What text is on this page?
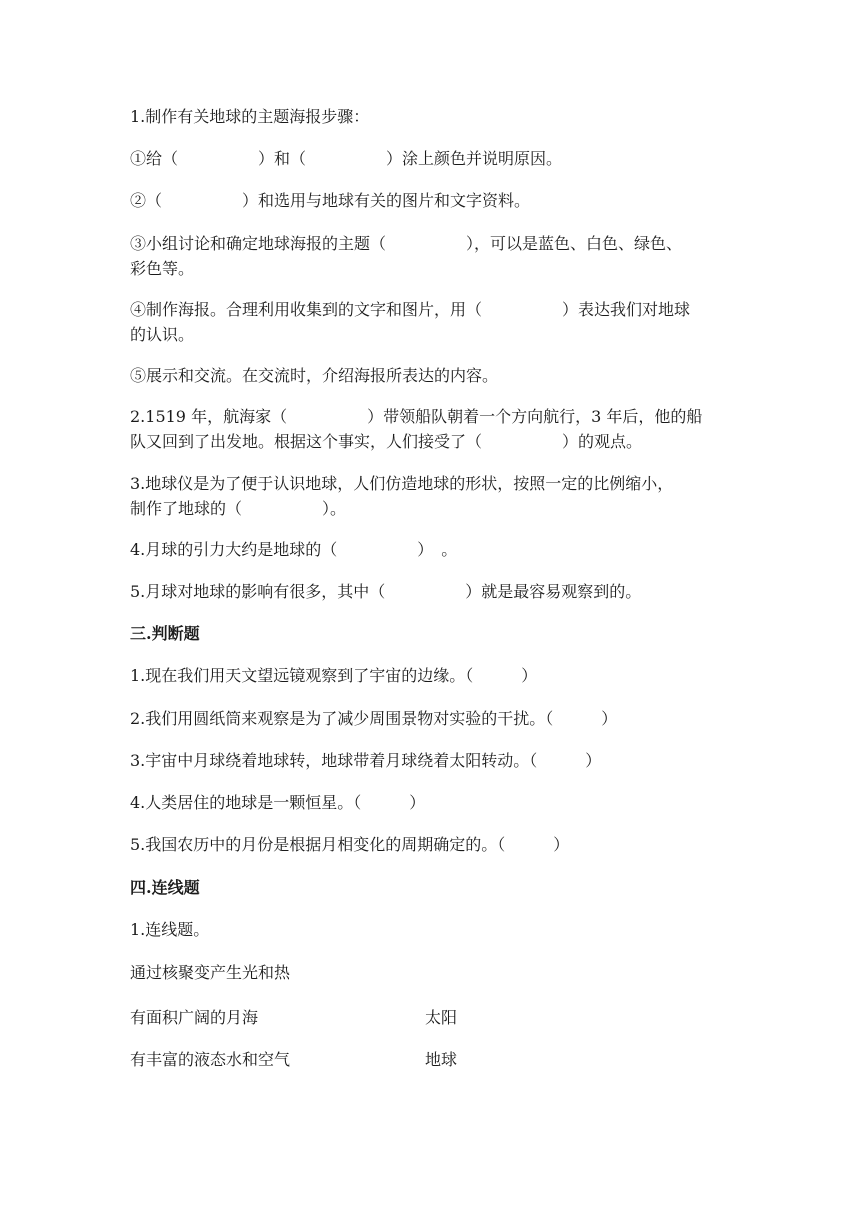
1.制作有关地球的主题海报步骤：
①给（　　　　　）和（　　　　　）涂上颜色并说明原因。
②（　　　　　）和选用与地球有关的图片和文字资料。
③小组讨论和确定地球海报的主题（　　　　　），可以是蓝色、白色、绿色、
彩色等。
④制作海报。合理利用收集到的文字和图片，用（　　　　　）表达我们对地球
的认识。
⑤展示和交流。在交流时，介绍海报所表达的内容。
2.1519 年，航海家（　　　　　）带领船队朝着一个方向航行，3 年后，他的船
队又回到了出发地。根据这个事实，人们接受了（　　　　　）的观点。
3.地球仪是为了便于认识地球，人们仿造地球的形状，按照一定的比例缩小，
制作了地球的（　　　　　）。
4.月球的引力大约是地球的（　　　　　）　。
5.月球对地球的影响有很多，其中（　　　　　）就是最容易观察到的。
三.判断题
1.现在我们用天文望远镜观察到了宇宙的边缘。（　　　）
2.我们用圆纸筒来观察是为了减少周围景物对实验的干扰。（　　　）
3.宇宙中月球绕着地球转，地球带着月球绕着太阳转动。（　　　）
4.人类居住的地球是一颗恒星。（　　　）
5.我国农历中的月份是根据月相变化的周期确定的。（　　　）
四.连线题
1.连线题。
通过核聚变产生光和热
有面积广阔的月海	太阳
有丰富的液态水和空气	地球
